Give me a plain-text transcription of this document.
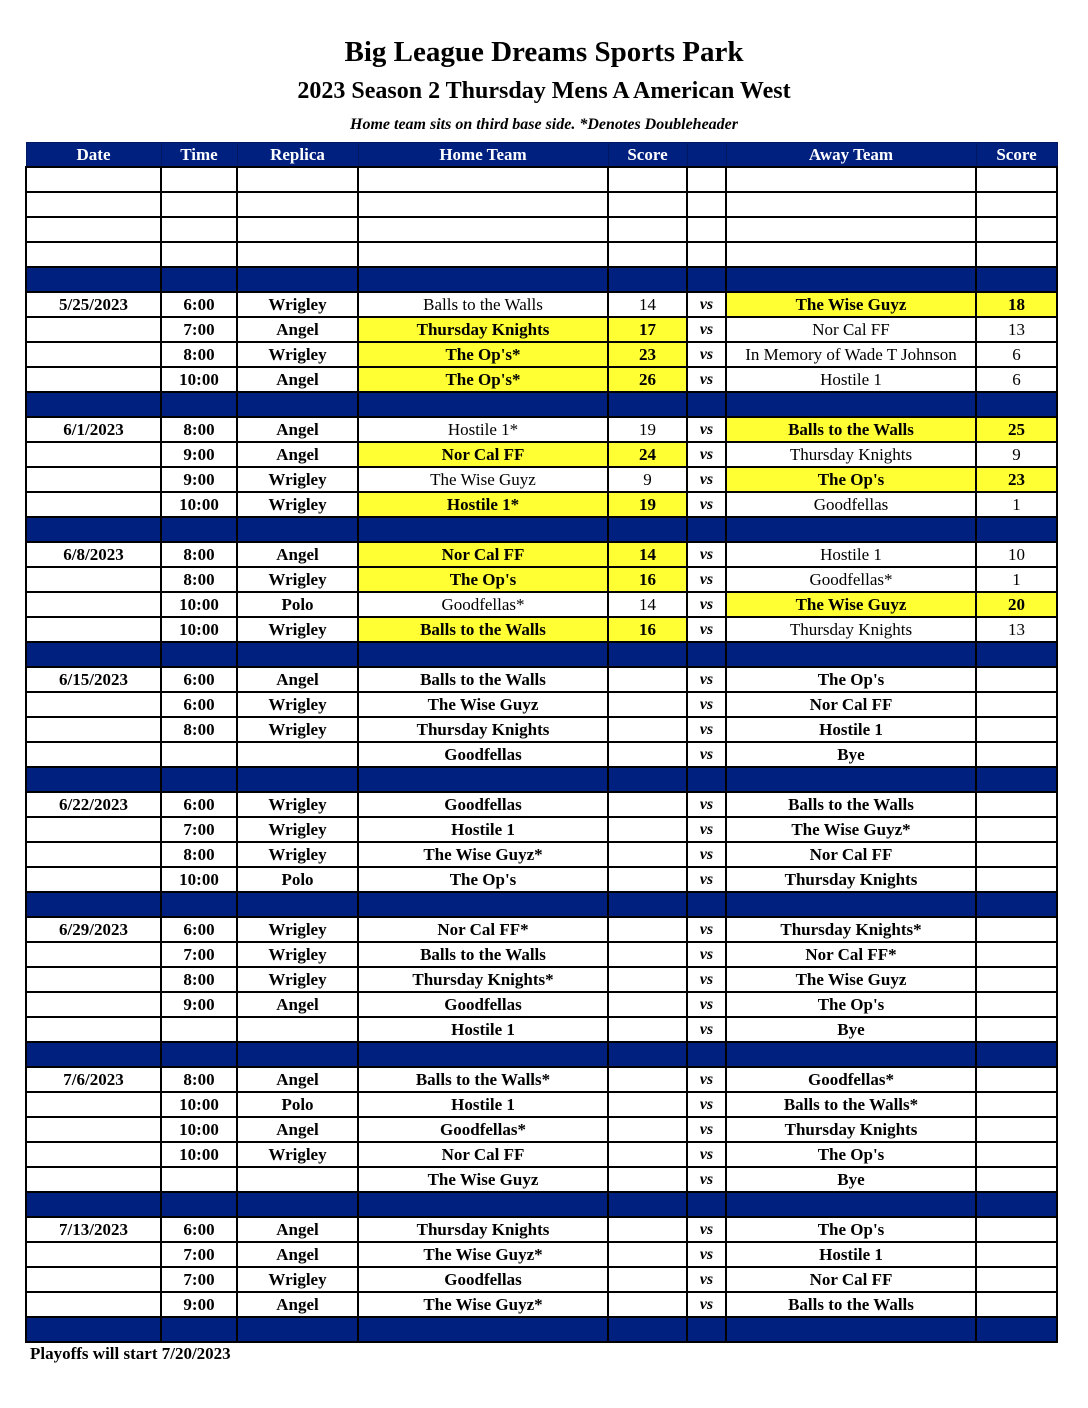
Big League Dreams Sports Park
2023 Season 2 Thursday Mens A American West
Home team sits on third base side. *Denotes Doubleheader
Date	Time	Replica	Home Team	Score		Away Team	Score

5/25/2023	6:00	Wrigley	Balls to the Walls	14	vs	The Wise Guyz	18
	7:00	Angel	Thursday Knights	17	vs	Nor Cal FF	13
	8:00	Wrigley	The Op's*	23	vs	In Memory of Wade T Johnson	6
	10:00	Angel	The Op's*	26	vs	Hostile 1	6

6/1/2023	8:00	Angel	Hostile 1*	19	vs	Balls to the Walls	25
	9:00	Angel	Nor Cal FF	24	vs	Thursday Knights	9
	9:00	Wrigley	The Wise Guyz	9	vs	The Op's	23
	10:00	Wrigley	Hostile 1*	19	vs	Goodfellas	1

6/8/2023	8:00	Angel	Nor Cal FF	14	vs	Hostile 1	10
	8:00	Wrigley	The Op's	16	vs	Goodfellas*	1
	10:00	Polo	Goodfellas*	14	vs	The Wise Guyz	20
	10:00	Wrigley	Balls to the Walls	16	vs	Thursday Knights	13

6/15/2023	6:00	Angel	Balls to the Walls		vs	The Op's	

	6:00	Wrigley	The Wise Guyz		vs	Nor Cal FF	

	8:00	Wrigley	Thursday Knights		vs	Hostile 1	

			Goodfellas		vs	Bye	

6/22/2023	6:00	Wrigley	Goodfellas		vs	Balls to the Walls	

	7:00	Wrigley	Hostile 1		vs	The Wise Guyz*	

	8:00	Wrigley	The Wise Guyz*		vs	Nor Cal FF	

	10:00	Polo	The Op's		vs	Thursday Knights	

6/29/2023	6:00	Wrigley	Nor Cal FF*		vs	Thursday Knights*	

	7:00	Wrigley	Balls to the Walls		vs	Nor Cal FF*	

	8:00	Wrigley	Thursday Knights*		vs	The Wise Guyz	

	9:00	Angel	Goodfellas		vs	The Op's	

			Hostile 1		vs	Bye	

7/6/2023	8:00	Angel	Balls to the Walls*		vs	Goodfellas*	

	10:00	Polo	Hostile 1		vs	Balls to the Walls*	

	10:00	Angel	Goodfellas*		vs	Thursday Knights	

	10:00	Wrigley	Nor Cal FF		vs	The Op's	

			The Wise Guyz		vs	Bye	

7/13/2023	6:00	Angel	Thursday Knights		vs	The Op's	

	7:00	Angel	The Wise Guyz*		vs	Hostile 1	

	7:00	Wrigley	Goodfellas		vs	Nor Cal FF	

	9:00	Angel	The Wise Guyz*		vs	Balls to the Walls	

Playoffs will start 7/20/2023
